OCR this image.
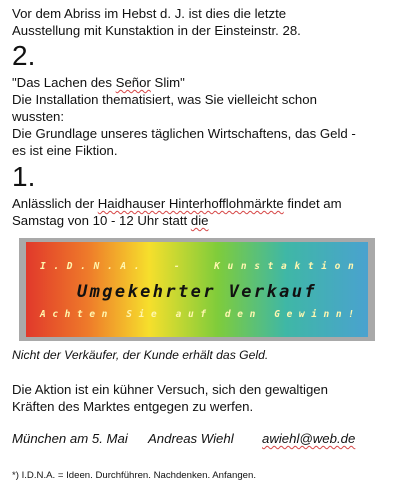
Vor dem Abriss im Hebst d. J. ist dies die letzte

Ausstellung mit Kunstaktion in der Einsteinstr. 28.

2.

"Das Lachen des Señor Slim"

Die Installation thematisiert, was Sie vielleicht schon

wussten:

Die Grundlage unseres täglichen Wirtschaftens, das Geld -

es ist eine Fiktion.

1.

Anlässlich der Haidhauser Hinterhofflohmärkte findet am

Samstag von 10 - 12 Uhr statt die

I . D . N . A .

	-

	K u n s t a k t i o n
Umgekehrter Verkauf
A c h t e n
S i e
a u f
d e n
G e w i n n !

Nicht der Verkäufer, der Kunde erhält das Geld.

Die Aktion ist ein kühner Versuch, sich den gewaltigen

Kräften des Marktes entgegen zu werfen.

München am 5. Mai Andreas Wiehl awiehl@web.de

*) I.D.N.A. = Ideen. Durchführen. Nachdenken. Anfangen.
